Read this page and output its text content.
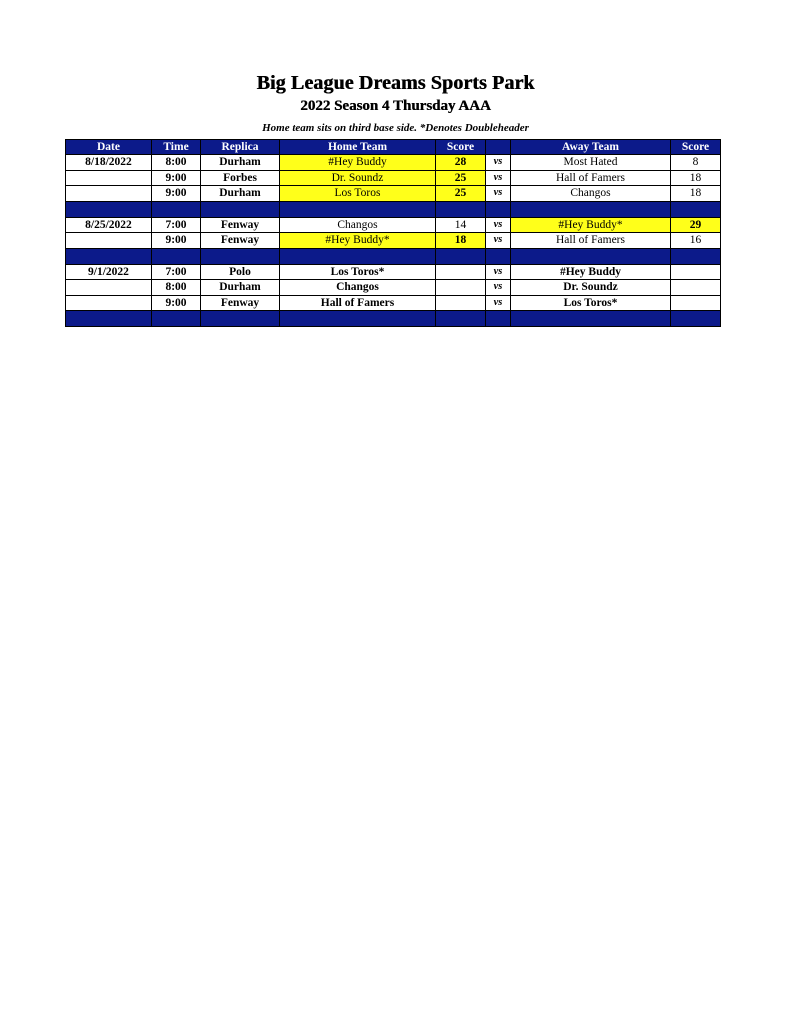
Big League Dreams Sports Park
2022 Season 4 Thursday AAA
Home team sits on third base side. *Denotes Doubleheader
Date	Time	Replica	Home Team	Score		Away Team	Score
8/18/2022	8:00	Durham	#Hey Buddy	28	vs	Most Hated	8
	9:00	Forbes	Dr. Soundz	25	vs	Hall of Famers	18
	9:00	Durham	Los Toros	25	vs	Changos	18

8/25/2022	7:00	Fenway	Changos	14	vs	#Hey Buddy*	29
	9:00	Fenway	#Hey Buddy*	18	vs	Hall of Famers	16

9/1/2022	7:00	Polo	Los Toros*		vs	#Hey Buddy	
	8:00	Durham	Changos		vs	Dr. Soundz	
	9:00	Fenway	Hall of Famers		vs	Los Toros*	
